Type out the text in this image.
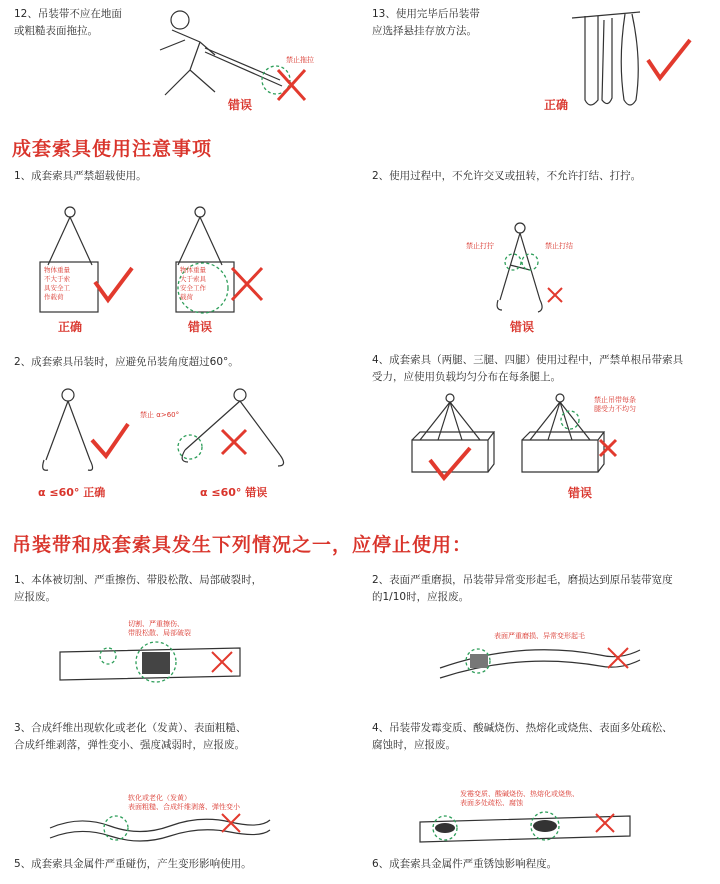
12、吊装带不应在地面
或粗糙表面拖拉。
13、使用完毕后吊装带
应选择悬挂存放方法。
禁止拖拉
错误	正确
成套索具使用注意事项
1、成套索具严禁超载使用。
物体重量
不大于索
具安全工
作载荷
物体重量
大于索具
安全工作
载荷
正确	错误
2、使用过程中，不允许交叉或扭转，不允许打结、打拧。
禁止打拧	禁止打结
错误
2、成套索具吊装时，应避免吊装角度超过60°。
禁止 α>60°
α ≤60° 正确	α ≤60° 错误
4、成套索具（两腿、三腿、四腿）使用过程中，严禁单根吊带索具
受力，应使用负载均匀分布在每条腿上。
禁止吊带每条
腿受力不均匀
错误
吊装带和成套索具发生下列情况之一，应停止使用：
1、本体被切割、严重擦伤、带股松散、局部破裂时，
应报废。
切割、严重擦伤、
带股松散、局部破裂
2、表面严重磨损，吊装带异常变形起毛，磨损达到原吊装带宽度
的1/10时，应报废。
表面严重磨损、异常变形起毛
3、合成纤维出现软化或老化（发黄）、表面粗糙、
合成纤维剥落，弹性变小、强度减弱时，应报废。
软化或老化（发黄）
表面粗糙、合成纤维剥落、弹性变小
4、吊装带发霉变质、酸碱烧伤、热熔化或烧焦、表面多处疏松、
腐蚀时，应报废。
发霉变质、酸碱烧伤、热熔化或烧焦、
表面多处疏松、腐蚀
5、成套索具金属件严重碰伤，产生变形影响使用。	6、成套索具金属件严重锈蚀影响程度。
